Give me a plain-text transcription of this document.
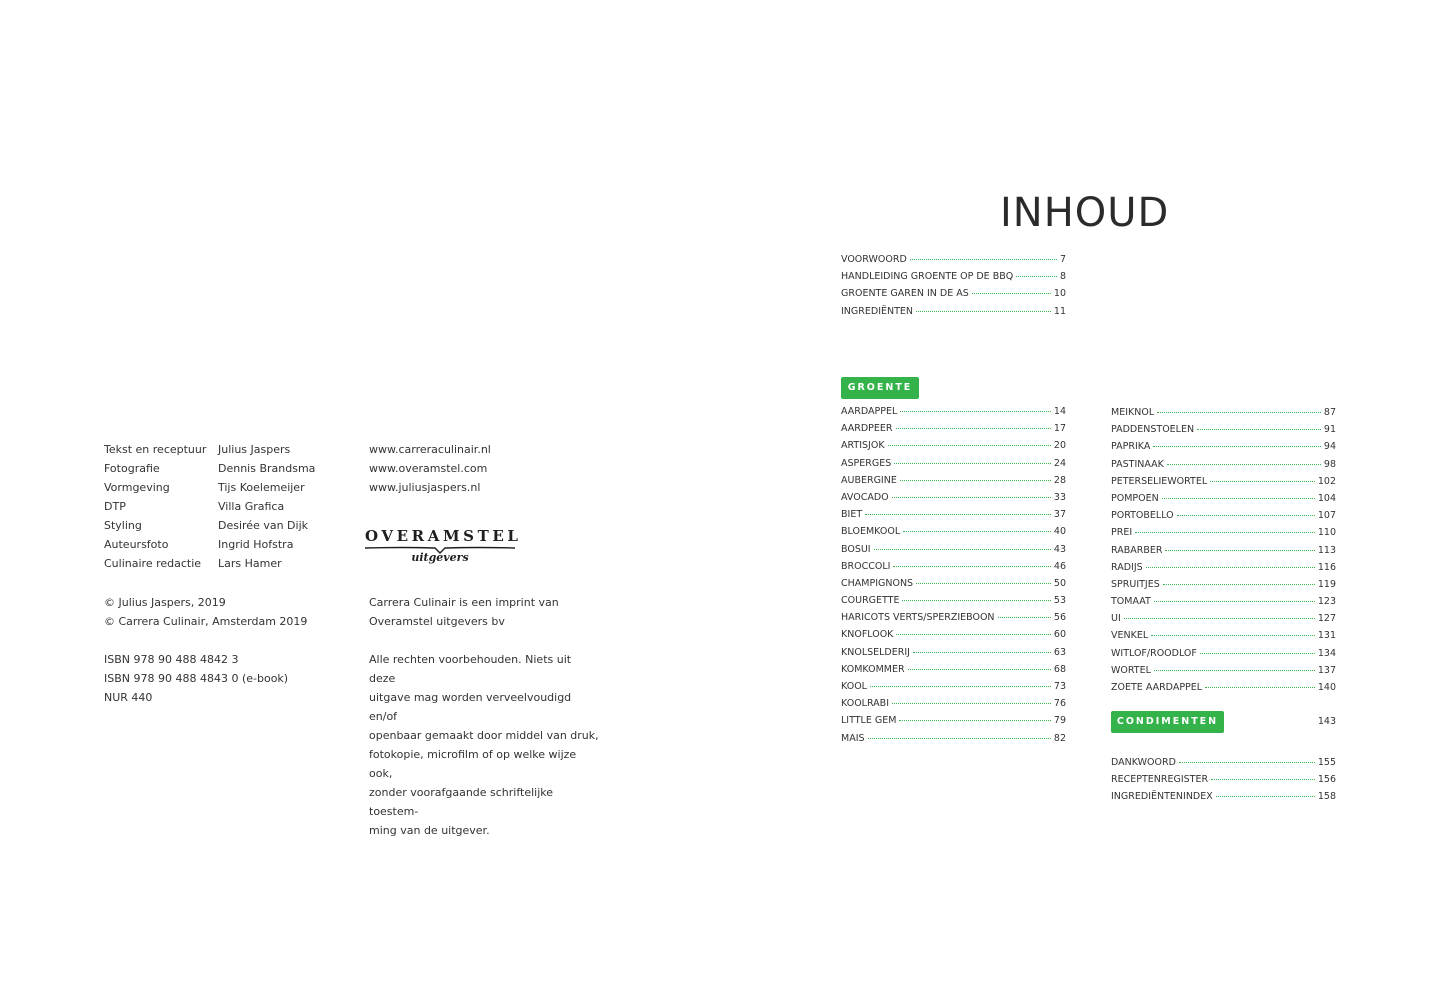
Tekst en receptuur	Julius Jaspers
Fotografie	Dennis Brandsma
Vormgeving	Tijs Koelemeijer
DTP	Villa Grafica
Styling	Desirée van Dijk
Auteursfoto	Ingrid Hofstra
Culinaire redactie	Lars Hamer
www.carreraculinair.nl
www.overamstel.com
www.juliusjaspers.nl
OVERAMSTEL
uitgevers
© Julius Jaspers, 2019
© Carrera Culinair, Amsterdam 2019
ISBN 978 90 488 4842 3
ISBN 978 90 488 4843 0 (e-book)
NUR 440
Carrera Culinair is een imprint van
Overamstel uitgevers bv
Alle rechten voorbehouden. Niets uit deze
uitgave mag worden verveelvoudigd en/of
openbaar gemaakt door middel van druk,
fotokopie, microfilm of op welke wijze ook,
zonder voorafgaande schriftelijke toestem-
ming van de uitgever.
INHOUD
VOORWOORD	7
HANDLEIDING GROENTE OP DE BBQ	8
GROENTE GAREN IN DE AS	10
INGREDIËNTEN	11
GROENTE
AARDAPPEL	14
AARDPEER	17
ARTISJOK	20
ASPERGES	24
AUBERGINE	28
AVOCADO	33
BIET	37
BLOEMKOOL	40
BOSUI	43
BROCCOLI	46
CHAMPIGNONS	50
COURGETTE	53
HARICOTS VERTS/SPERZIEBOON	56
KNOFLOOK	60
KNOLSELDERIJ	63
KOMKOMMER	68
KOOL	73
KOOLRABI	76
LITTLE GEM	79
MAIS	82
MEIKNOL	87
PADDENSTOELEN	91
PAPRIKA	94
PASTINAAK	98
PETERSELIEWORTEL	102
POMPOEN	104
PORTOBELLO	107
PREI	110
RABARBER	113
RADIJS	116
SPRUITJES	119
TOMAAT	123
UI	127
VENKEL	131
WITLOF/ROODLOF	134
WORTEL	137
ZOETE AARDAPPEL	140
CONDIMENTEN	143
DANKWOORD	155
RECEPTENREGISTER	156
INGREDIËNTENINDEX	158
